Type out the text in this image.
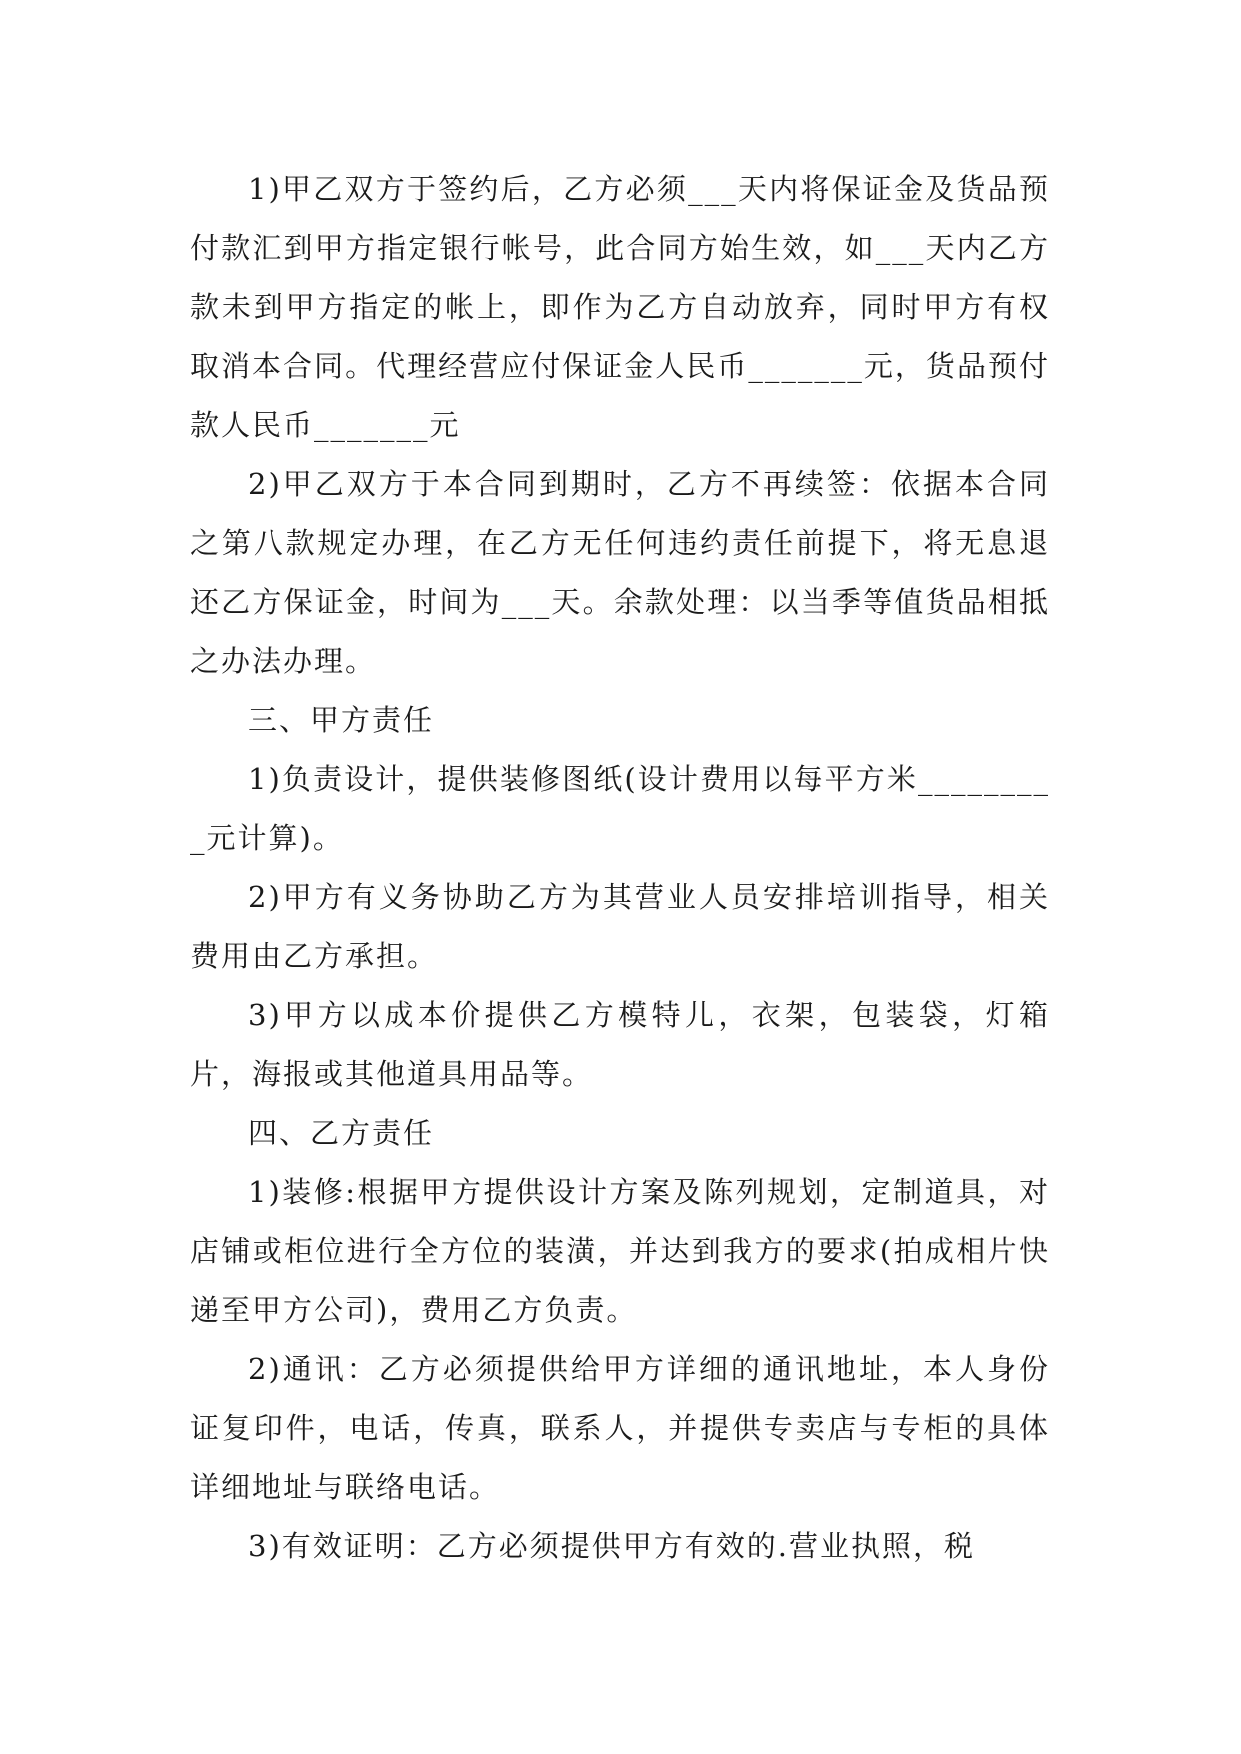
1)甲乙双方于签约后，乙方必须___天内将保证金及货品预付款汇到甲方指定银行帐号，此合同方始生效，如___天内乙方款未到甲方指定的帐上，即作为乙方自动放弃，同时甲方有权取消本合同。代理经营应付保证金人民币_______元，货品预付款人民币_______元

2)甲乙双方于本合同到期时，乙方不再续签：依据本合同之第八款规定办理，在乙方无任何违约责任前提下，将无息退还乙方保证金，时间为___天。余款处理：以当季等值货品相抵之办法办理。

三、甲方责任

1)负责设计，提供装修图纸(设计费用以每平方米_________元计算)。

2)甲方有义务协助乙方为其营业人员安排培训指导，相关费用由乙方承担。

3)甲方以成本价提供乙方模特儿，衣架，包装袋，灯箱片，海报或其他道具用品等。

四、乙方责任

1)装修:根据甲方提供设计方案及陈列规划，定制道具，对店铺或柜位进行全方位的装潢，并达到我方的要求(拍成相片快递至甲方公司)，费用乙方负责。

2)通讯：乙方必须提供给甲方详细的通讯地址，本人身份证复印件，电话，传真，联系人，并提供专卖店与专柜的具体详细地址与联络电话。

3)有效证明：乙方必须提供甲方有效的.营业执照，税
